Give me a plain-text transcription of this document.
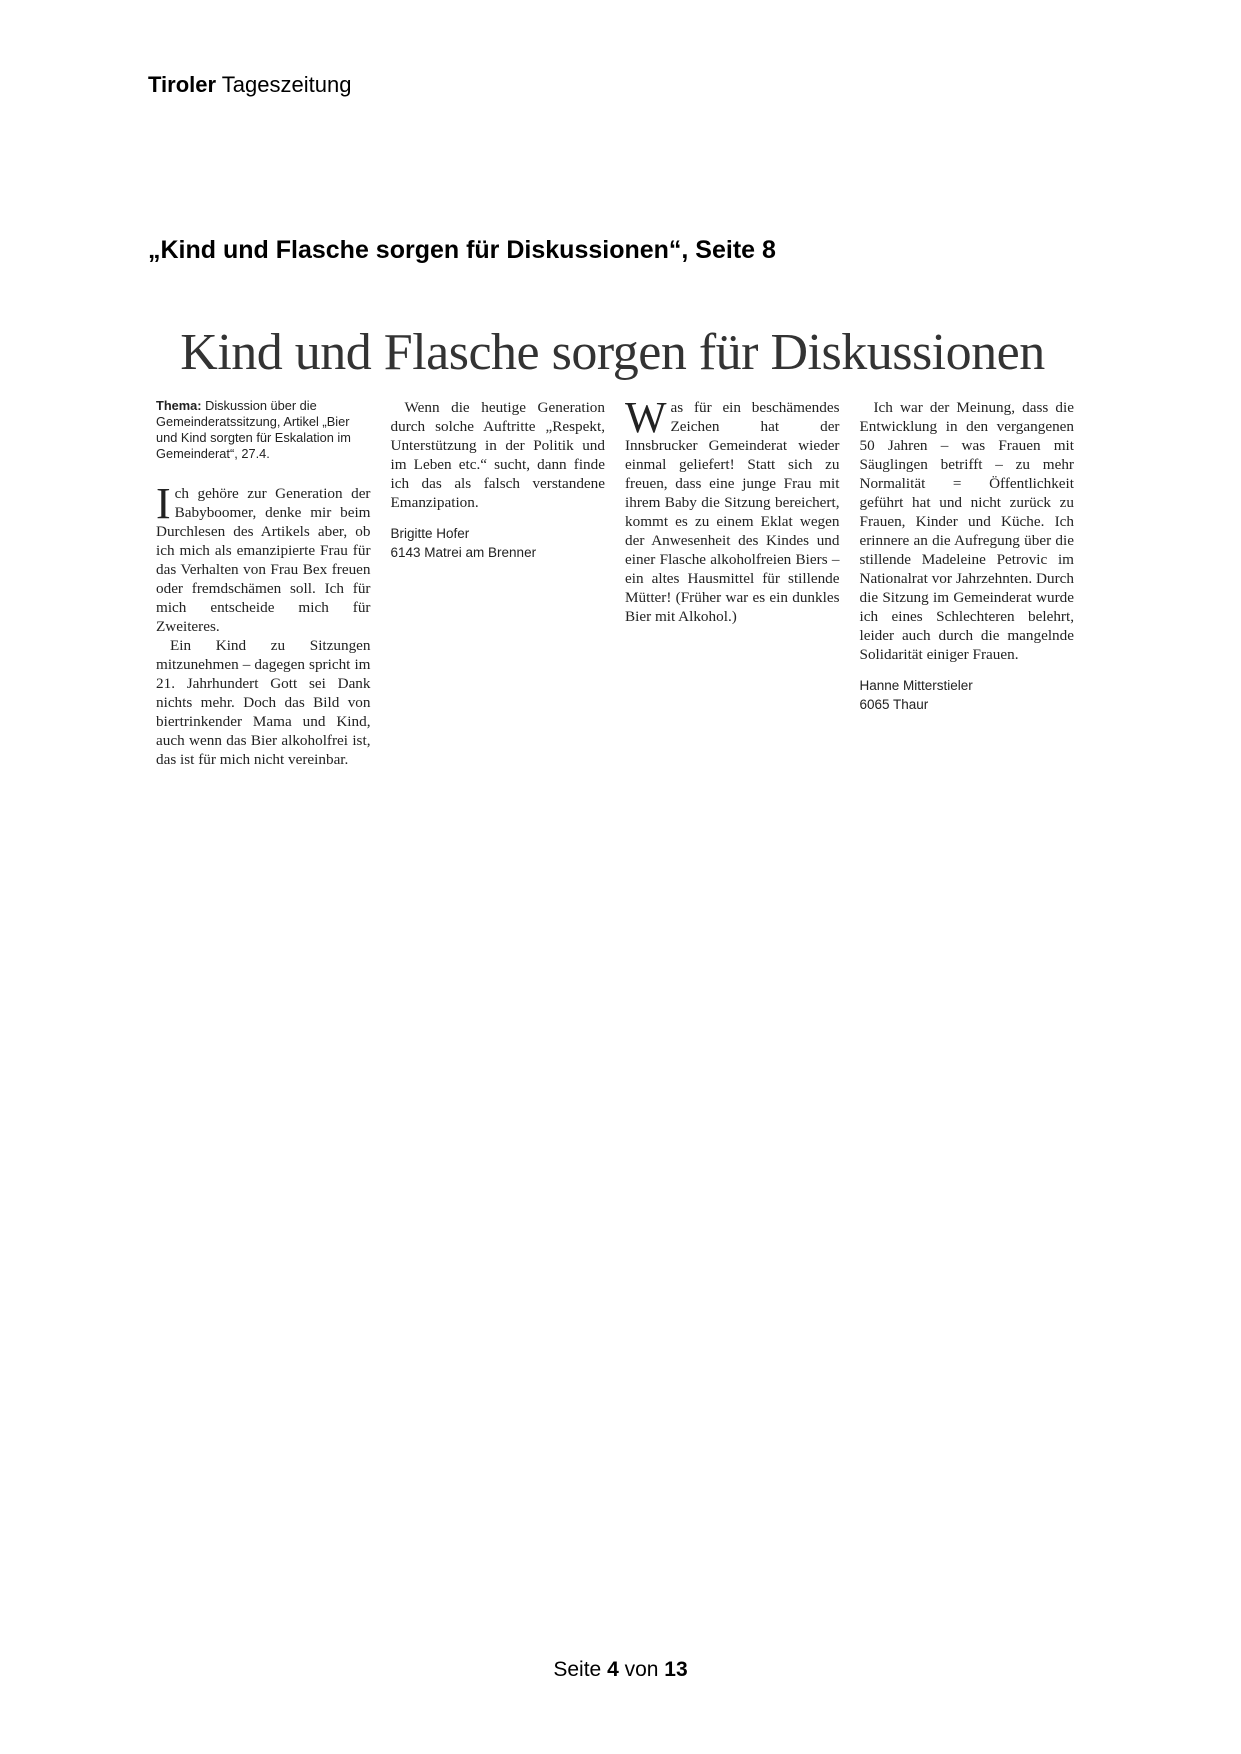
Tiroler Tageszeitung
„Kind und Flasche sorgen für Diskussionen“, Seite 8
Kind und Flasche sorgen für Diskussionen
Thema: Diskussion über die Gemeinderatssitzung, Artikel „Bier und Kind sorgten für Eskalation im Gemeinderat“, 27.4.

Ich gehöre zur Generation der Babyboomer, denke mir beim Durchlesen des Artikels aber, ob ich mich als emanzipierte Frau für das Verhalten von Frau Bex freuen oder fremdschämen soll. Ich für mich entscheide mich für Zweiteres.

Ein Kind zu Sitzungen mitzunehmen – dagegen spricht im 21. Jahrhundert Gott sei Dank nichts mehr. Doch das Bild von biertrinkender Mama und Kind, auch wenn das Bier alkoholfrei ist, das ist für mich nicht vereinbar.

Wenn die heutige Generation durch solche Auftritte „Respekt, Unterstützung in der Politik und im Leben etc.“ sucht, dann finde ich das als falsch verstandene Emanzipation.

Brigitte Hofer
6143 Matrei am Brenner

Was für ein beschämendes Zeichen hat der Innsbrucker Gemeinderat wieder einmal geliefert! Statt sich zu freuen, dass eine junge Frau mit ihrem Baby die Sitzung bereichert, kommt es zu einem Eklat wegen der Anwesenheit des Kindes und einer Flasche alkoholfreien Biers – ein altes Hausmittel für stillende Mütter! (Früher war es ein dunkles Bier mit Alkohol.)

Ich war der Meinung, dass die Entwicklung in den vergangenen 50 Jahren – was Frauen mit Säuglingen betrifft – zu mehr Normalität = Öffentlichkeit geführt hat und nicht zurück zu Frauen, Kinder und Küche. Ich erinnere an die Aufregung über die stillende Madeleine Petrovic im Nationalrat vor Jahrzehnten. Durch die Sitzung im Gemeinderat wurde ich eines Schlechteren belehrt, leider auch durch die mangelnde Solidarität einiger Frauen.

Hanne Mitterstieler
6065 Thaur
Seite 4 von 13
